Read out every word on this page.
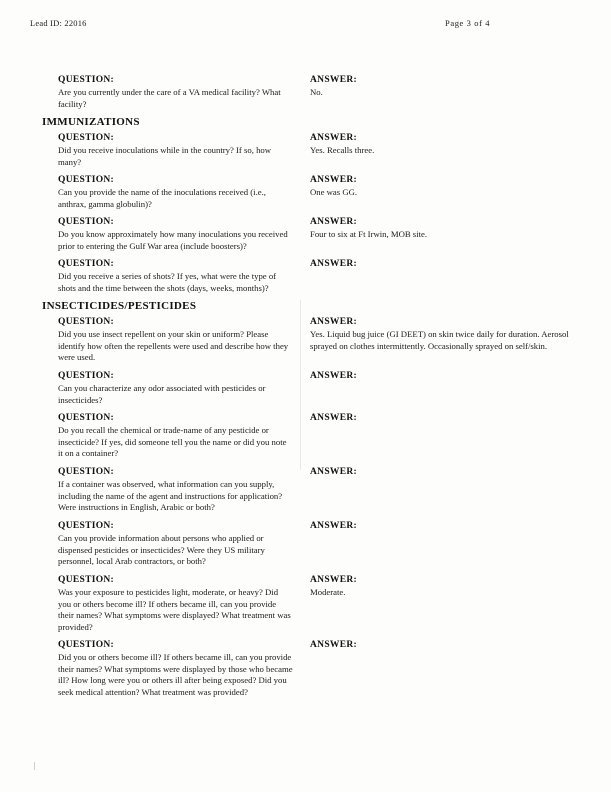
Lead ID: 22016	Page 3 of 4
QUESTION:
Are you currently under the care of a VA medical facility? What facility?
ANSWER:
No.
IMMUNIZATIONS
QUESTION:
Did you receive inoculations while in the country? If so, how many?
ANSWER:
Yes. Recalls three.
QUESTION:
Can you provide the name of the inoculations received (i.e., anthrax, gamma globulin)?
ANSWER:
One was GG.
QUESTION:
Do you know approximately how many inoculations you received prior to entering the Gulf War area (include boosters)?
ANSWER:
Four to six at Ft Irwin, MOB site.
QUESTION:
Did you receive a series of shots? If yes, what were the type of shots and the time between the shots (days, weeks, months)?
ANSWER:
INSECTICIDES/PESTICIDES
QUESTION:
Did you use insect repellent on your skin or uniform? Please identify how often the repellents were used and describe how they were used.
ANSWER:
Yes. Liquid bug juice (GI DEET) on skin twice daily for duration. Aerosol sprayed on clothes intermittently. Occasionally sprayed on self/skin.
QUESTION:
Can you characterize any odor associated with pesticides or insecticides?
ANSWER:
QUESTION:
Do you recall the chemical or trade-name of any pesticide or insecticide? If yes, did someone tell you the name or did you note it on a container?
ANSWER:
QUESTION:
If a container was observed, what information can you supply, including the name of the agent and instructions for application? Were instructions in English, Arabic or both?
ANSWER:
QUESTION:
Can you provide information about persons who applied or dispensed pesticides or insecticides? Were they US military personnel, local Arab contractors, or both?
ANSWER:
QUESTION:
Was your exposure to pesticides light, moderate, or heavy? Did you or others become ill? If others became ill, can you provide their names? What symptoms were displayed? What treatment was provided?
ANSWER:
Moderate.
QUESTION:
Did you or others become ill? If others became ill, can you provide their names? What symptoms were displayed by those who became ill? How long were you or others ill after being exposed? Did you seek medical attention? What treatment was provided?
ANSWER:
